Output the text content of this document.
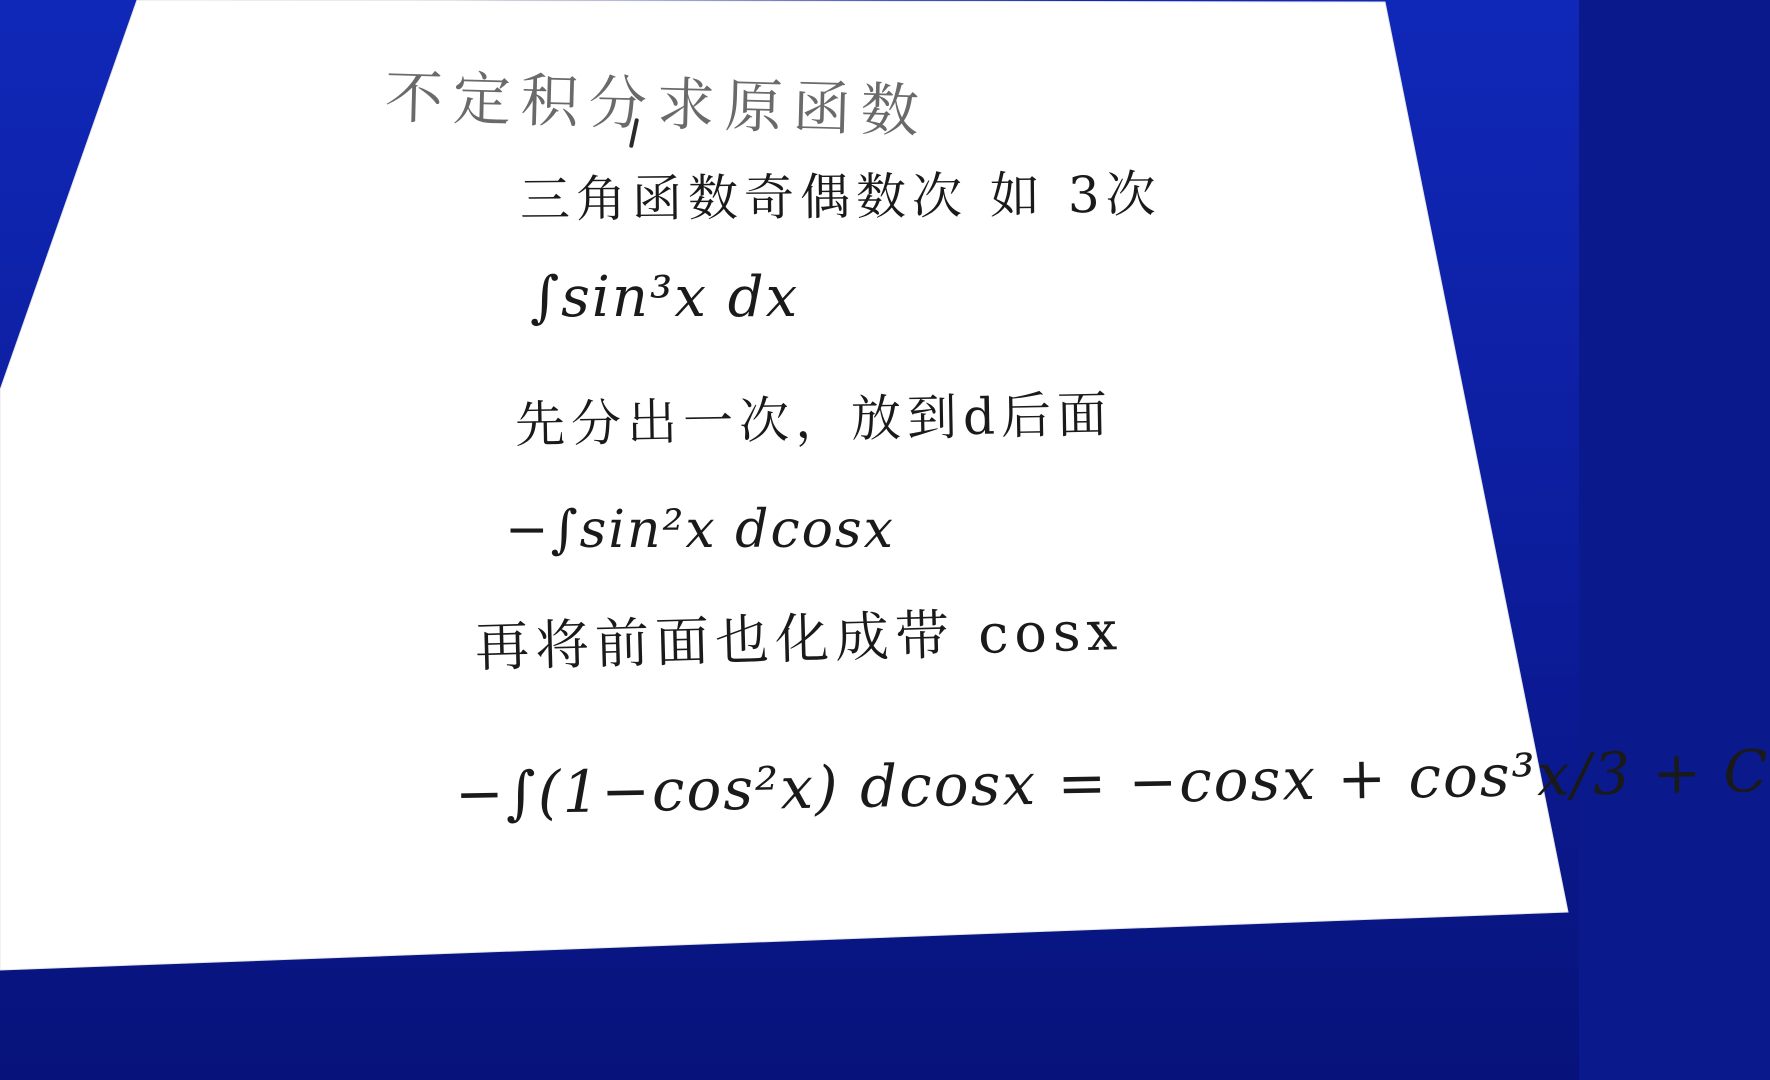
不定积分求原函数
三角函数奇偶数次 如 3次
∫sin³x dx
先分出一次，放到d后面
−∫sin²x dcosx
再将前面也化成带 cosx
−∫(1−cos²x) dcosx = −cosx + cos³x/3 + C
